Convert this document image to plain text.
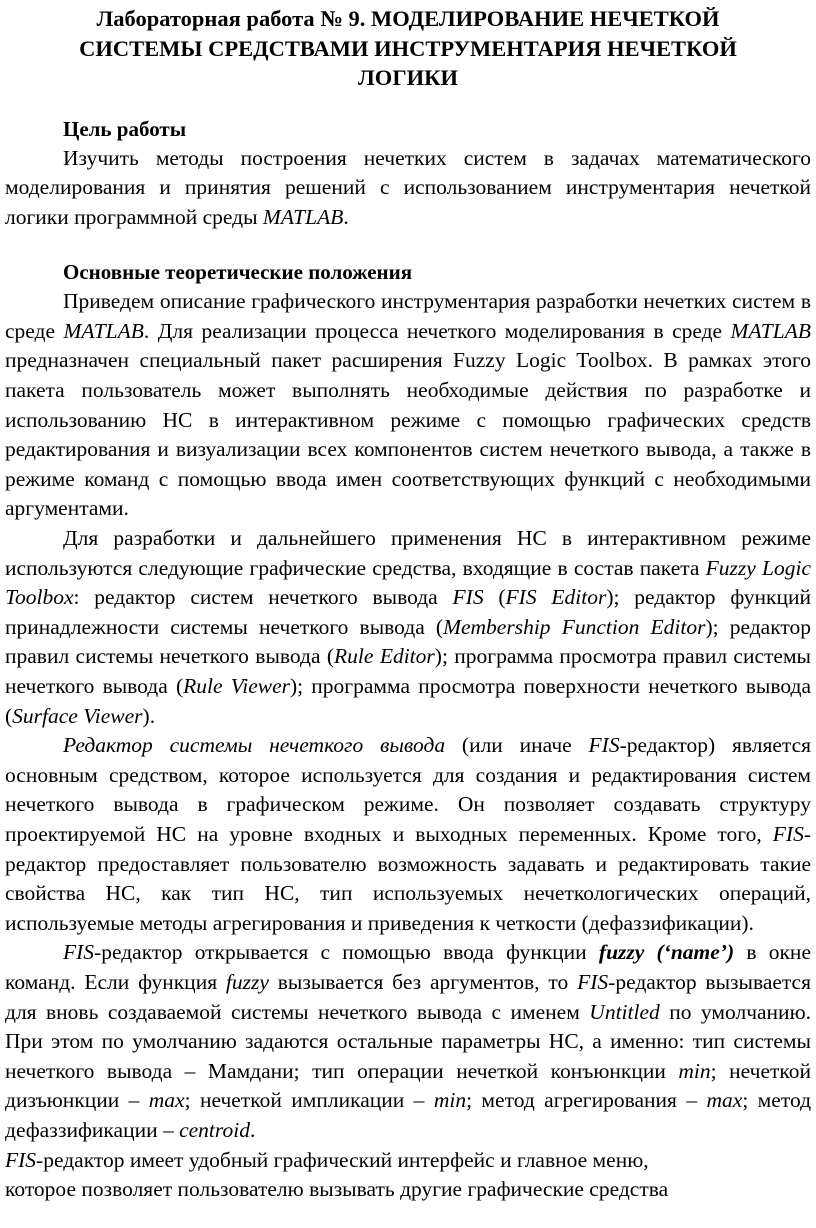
Лабораторная работа № 9. МОДЕЛИРОВАНИЕ НЕЧЕТКОЙ
СИСТЕМЫ СРЕДСТВАМИ ИНСТРУМЕНТАРИЯ НЕЧЕТКОЙ
ЛОГИКИ
Цель работы

Изучить методы построения нечетких систем в задачах математического моделирования и принятия решений с использованием инструментария нечеткой логики программной среды MATLAB.

Основные теоретические положения

Приведем описание графического инструментария разработки нечетких систем в среде MATLAB. Для реализации процесса нечеткого моделирования в среде MATLAB предназначен специальный пакет расширения Fuzzy Logic Toolbox. В рамках этого пакета пользователь может выполнять необходимые действия по разработке и использованию НС в интерактивном режиме с помощью графических средств редактирования и визуализации всех компонентов систем нечеткого вывода, а также в режиме команд с помощью ввода имен соответствующих функций с необходимыми аргументами.

Для разработки и дальнейшего применения НС в интерактивном режиме используются следующие графические средства, входящие в состав пакета Fuzzy Logic Toolbox: редактор систем нечеткого вывода FIS (FIS Editor); редактор функций принадлежности системы нечеткого вывода (Membership Function Editor); редактор правил системы нечеткого вывода (Rule Editor); программа просмотра правил системы нечеткого вывода (Rule Viewer); программа просмотра поверхности нечеткого вывода (Surface Viewer).

Редактор системы нечеткого вывода (или иначе FIS-редактор) является основным средством, которое используется для создания и редактирования систем нечеткого вывода в графическом режиме. Он позволяет создавать структуру проектируемой НС на уровне входных и выходных переменных. Кроме того, FIS-редактор предоставляет пользователю возможность задавать и редактировать такие свойства НС, как тип НС, тип используемых нечетколoгических операций, используемые методы агрегирования и приведения к четкости (дефаззификации).

FIS-редактор открывается с помощью ввода функции fuzzy (‘name’) в окне команд. Если функция fuzzy вызывается без аргументов, то FIS-редактор вызывается для вновь создаваемой системы нечеткого вывода с именем Untitled по умолчанию. При этом по умолчанию задаются остальные параметры НС, а именно: тип системы нечеткого вывода – Мамдани; тип операции нечеткой конъюнкции min; нечеткой дизъюнкции – max; нечеткой импликации – min; метод агрегирования – max; метод дефаззификации – centroid.

FIS-редактор имеет удобный графический интерфейс и главное меню,
которое позволяет пользователю вызывать другие графические средства
